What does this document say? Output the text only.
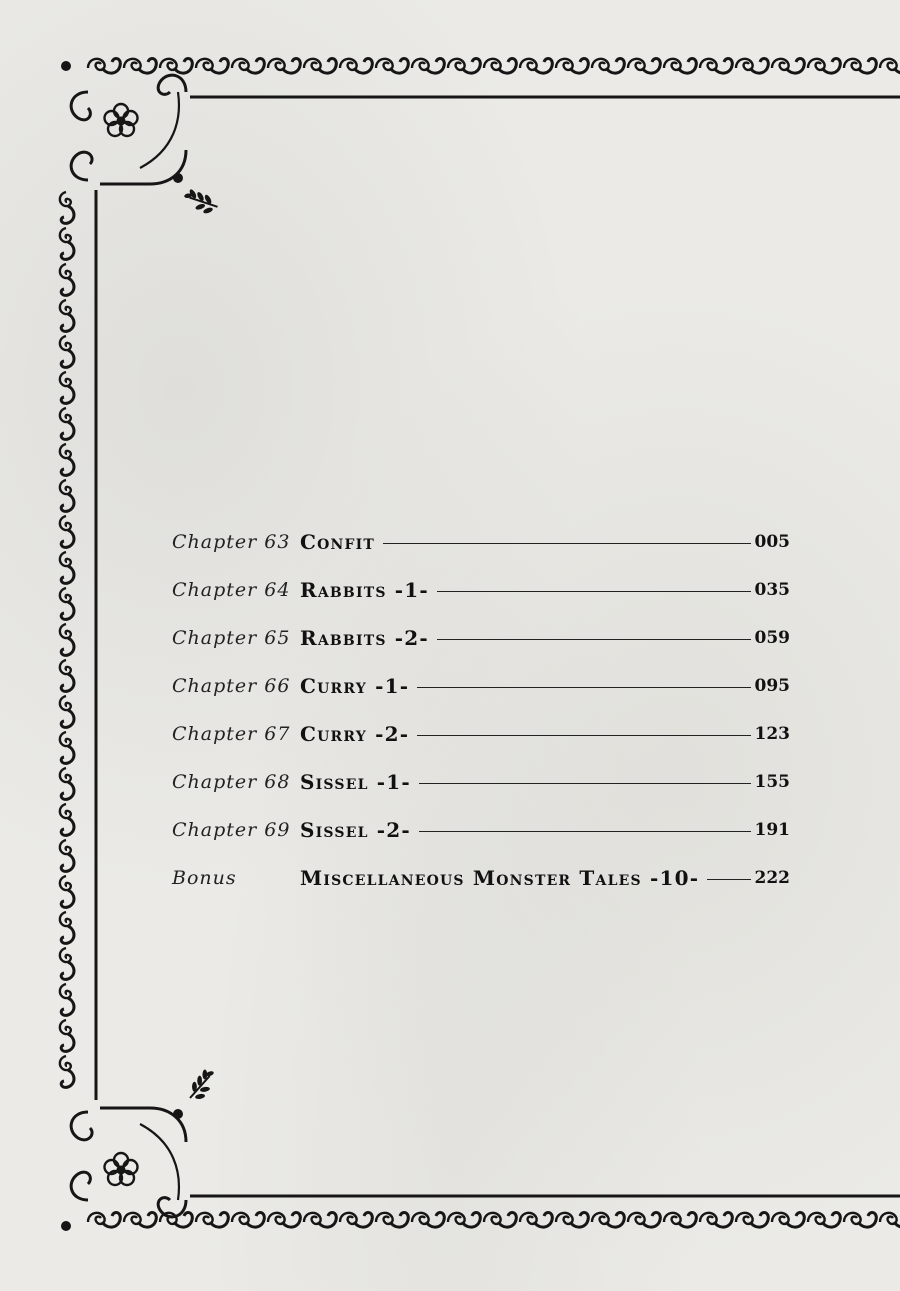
Chapter 63 Confit	005
Chapter 64 Rabbits -1-	035
Chapter 65 Rabbits -2-	059
Chapter 66 Curry -1-	095
Chapter 67 Curry -2-	123
Chapter 68 Sissel -1-	155
Chapter 69 Sissel -2-	191
Bonus	Miscellaneous Monster Tales -10-	222
